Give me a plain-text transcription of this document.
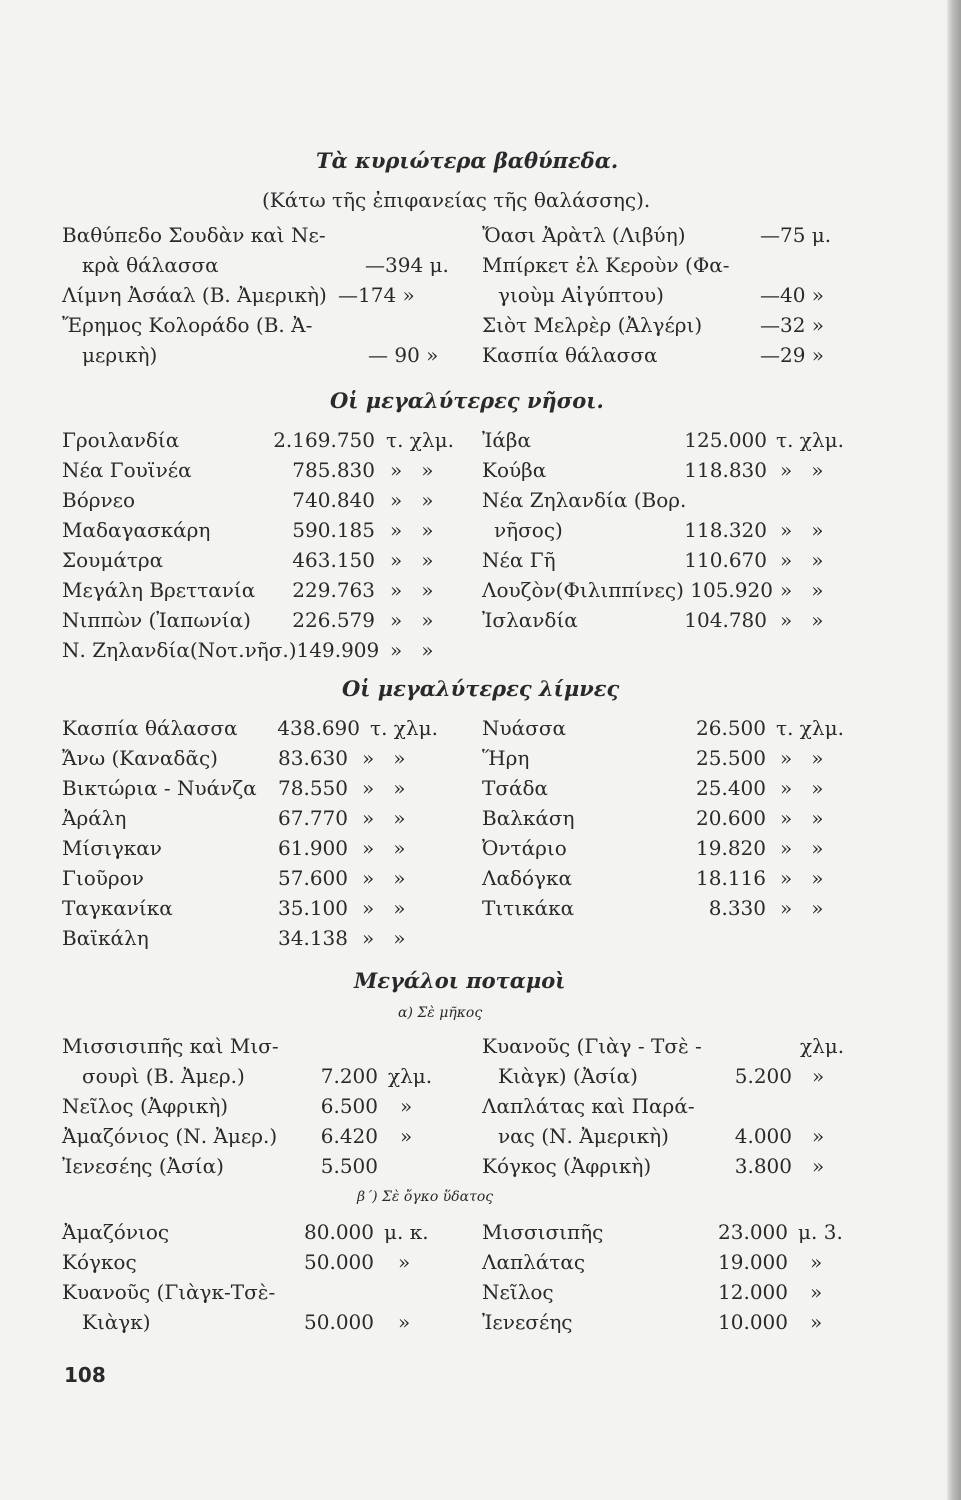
Τὰ κυριώτερα βαθύπεδα.
(Κάτω τῆς ἐπιφανείας τῆς θαλάσσης).
Βαθύπεδο Σουδὰν καὶ Νε-
κρὰ θάλασσα	—394 μ.
Λίμνη Ἀσάαλ (Β. Ἀμερικὴ) —174 »
Ἔρημος Κολοράδο (Β. Ἀ-
μερικὴ)	— 90 »
Ὄασι Ἀρὰτλ (Λιβύη)	—75 μ.
Μπίρκετ ἐλ Κεροὺν (Φα-
γιοὺμ Αἰγύπτου)	—40 »
Σιὸτ Μελρὲρ (Ἀλγέρι)	—32 »
Κασπία θάλασσα	—29 »
Οἱ μεγαλύτερες νῆσοι.
Γροιλανδία	2.169.750 τ. χλμ.
Νέα Γουϊνέα	785.830 »   »
Βόρνεο	740.840 »   »
Μαδαγασκάρη	590.185 »   »
Σουμάτρα	463.150 »   »
Μεγάλη Βρεττανία	229.763 »   »
Νιππὼν (Ἰαπωνία)	226.579 »   »
Ν. Ζηλανδία(Νοτ.νῆσ.)149.909 »   »
Ἰάβα	125.000 τ. χλμ.
Κούβα	118.830 »   »
Νέα Ζηλανδία (Βορ.
νῆσος)	118.320 »   »
Νέα Γῆ	110.670 »   »
Λουζὸν(Φιλιππίνες) 105.920 »   »
Ἰσλανδία	104.780 »   »
Οἱ μεγαλύτερες λίμνες
Κασπία θάλασσα	438.690 τ. χλμ.
Ἄνω (Καναδᾶς)	83.630 »   »
Βικτώρια - Νυάνζα	78.550 »   »
Ἀράλη	67.770 »   »
Μίσιγκαν	61.900 »   »
Γιοῦρον	57.600 »   »
Ταγκανίκα	35.100 »   »
Βαϊκάλη	34.138 »   »
Νυάσσα	26.500 τ. χλμ.
Ἥρη	25.500 »   »
Τσάδα	25.400 »   »
Βαλκάση	20.600 »   »
Ὀντάριο	19.820 »   »
Λαδόγκα	18.116 »   »
Τιτικάκα	8.330 »   »
Μεγάλοι ποταμοὶ
α) Σὲ μῆκος
Μισσισιπῆς καὶ Μισ-
σουρὶ (Β. Ἀμερ.)	7.200 χλμ.
Νεῖλος (Ἀφρικὴ)	6.500 »
Ἀμαζόνιος (Ν. Ἀμερ.)	6.420 »
Ἰενεσέης (Ἀσία)	5.500
Κυανοῦς (Γιὰγ - Τσὲ -	χλμ.
Κιὰγκ) (Ἀσία)	5.200 »
Λαπλάτας καὶ Παρά-
νας (Ν. Ἀμερικὴ)	4.000 »
Κόγκος (Ἀφρικὴ)	3.800 »
β´) Σὲ ὄγκο ὕδατος
Ἀμαζόνιος	80.000 μ. κ.
Κόγκος	50.000 »
Κυανοῦς (Γιὰγκ-Τσὲ-
Κιὰγκ)	50.000 »
Μισσισιπῆς	23.000 μ. 3.
Λαπλάτας	19.000 »
Νεῖλος	12.000 »
Ἰενεσέης	10.000 »
108
